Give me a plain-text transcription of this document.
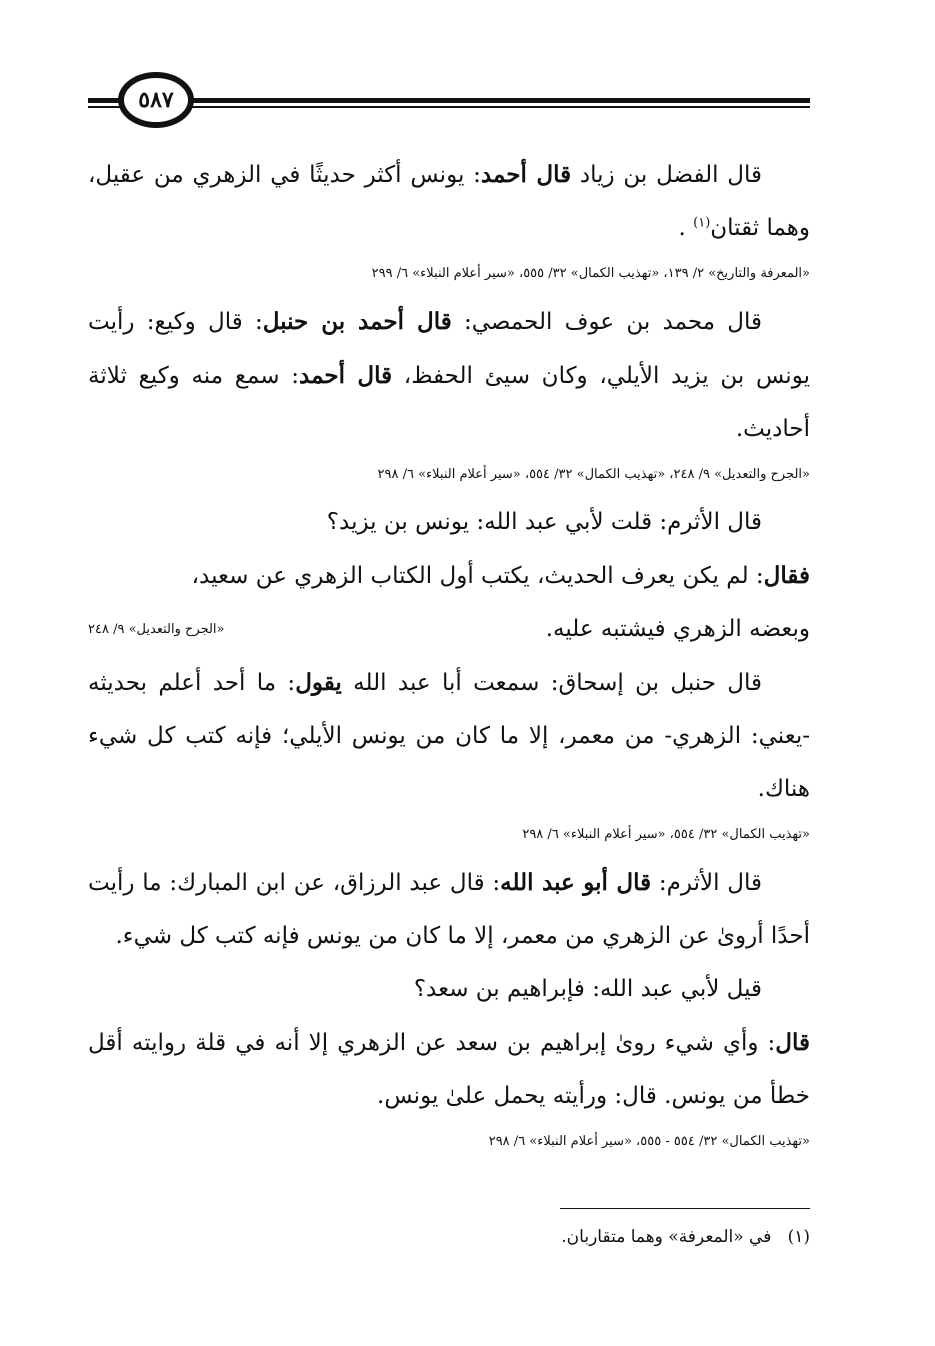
٥٨٧

قال الفضل بن زياد قال أحمد: يونس أكثر حديثًا في الزهري من عقيل، وهما ثقتان$^{(١)}$ .

«المعرفة والتاريخ» ٢/ ١٣٩، «تهذيب الكمال» ٣٢/ ٥٥٥، «سير أعلام النبلاء» ٦/ ٢٩٩

قال محمد بن عوف الحمصي: قال أحمد بن حنبل: قال وكيع: رأيت يونس بن يزيد الأيلي، وكان سيئ الحفظ، قال أحمد: سمع منه وكيع ثلاثة أحاديث.

«الجرح والتعديل» ٩/ ٢٤٨، «تهذيب الكمال» ٣٢/ ٥٥٤، «سير أعلام النبلاء» ٦/ ٢٩٨

قال الأثرم: قلت لأبي عبد الله: يونس بن يزيد؟

فقال: لم يكن يعرف الحديث، يكتب أول الكتاب الزهري عن سعيد،

وبعضه الزهري فيشتبه عليه.
«الجرح والتعديل» ٩/ ٢٤٨

قال حنبل بن إسحاق: سمعت أبا عبد الله يقول: ما أحد أعلم بحديثه -يعني: الزهري- من معمر، إلا ما كان من يونس الأيلي؛ فإنه كتب كل شيء هناك.

«تهذيب الكمال» ٣٢/ ٥٥٤، «سير أعلام النبلاء» ٦/ ٢٩٨

قال الأثرم: قال أبو عبد الله: قال عبد الرزاق، عن ابن المبارك: ما رأيت أحدًا أروىٰ عن الزهري من معمر، إلا ما كان من يونس فإنه كتب كل شيء.

قيل لأبي عبد الله: فإبراهيم بن سعد؟

قال: وأي شيء روىٰ إبراهيم بن سعد عن الزهري إلا أنه في قلة روايته أقل خطأ من يونس. قال: ورأيته يحمل علىٰ يونس.

«تهذيب الكمال» ٣٢/ ٥٥٤ - ٥٥٥، «سير أعلام النبلاء» ٦/ ٢٩٨
(١)   في «المعرفة» وهما متقاربان.
